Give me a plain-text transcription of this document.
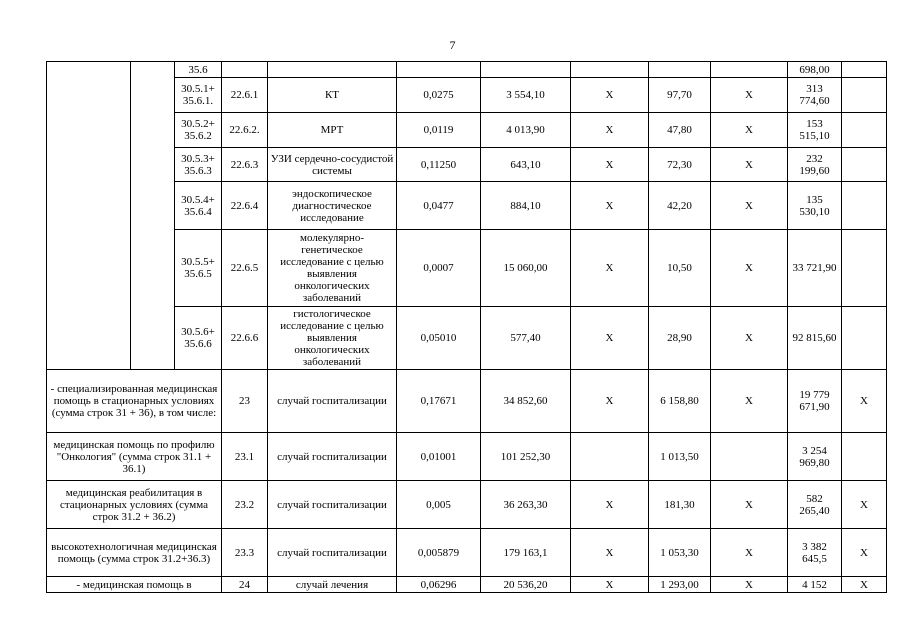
7
		35.6								698,00	
		30.5.1+ 35.6.1.	22.6.1	КТ	0,0275	3 554,10	X	97,70	X	313 774,60	
		30.5.2+ 35.6.2	22.6.2.	МРТ	0,0119	4 013,90	X	47,80	X	153 515,10	
		30.5.3+ 35.6.3	22.6.3	УЗИ сердечно-сосудистой системы	0,11250	643,10	X	72,30	X	232 199,60	
		30.5.4+ 35.6.4	22.6.4	эндоскопическое диагностическое исследование	0,0477	884,10	X	42,20	X	135 530,10	
		30.5.5+ 35.6.5	22.6.5	молекулярно-генетическое исследование с целью выявления онкологических заболеваний	0,0007	15 060,00	X	10,50	X	33 721,90	
		30.5.6+ 35.6.6	22.6.6	гистологическое исследование с целью выявления онкологических заболеваний	0,05010	577,40	X	28,90	X	92 815,60	
- специализированная медицинская помощь в стационарных условиях (сумма строк 31 + 36), в том числе:			23	случай госпитализации	0,17671	34 852,60	X	6 158,80	X	19 779 671,90	X
медицинская помощь по профилю "Онкология" (сумма строк 31.1 + 36.1)			23.1	случай госпитализации	0,01001	101 252,30		1 013,50		3 254 969,80	
медицинская реабилитация в стационарных условиях (сумма строк 31.2 + 36.2)			23.2	случай госпитализации	0,005	36 263,30	X	181,30	X	582 265,40	X
высокотехнологичная медицинская помощь (сумма строк 31.2+36.3)			23.3	случай госпитализации	0,005879	179 163,1	X	1 053,30	X	3 382 645,5	X
- медицинская помощь в			24	случай лечения	0,06296	20 536,20	X	1 293,00	X	4 152	X
